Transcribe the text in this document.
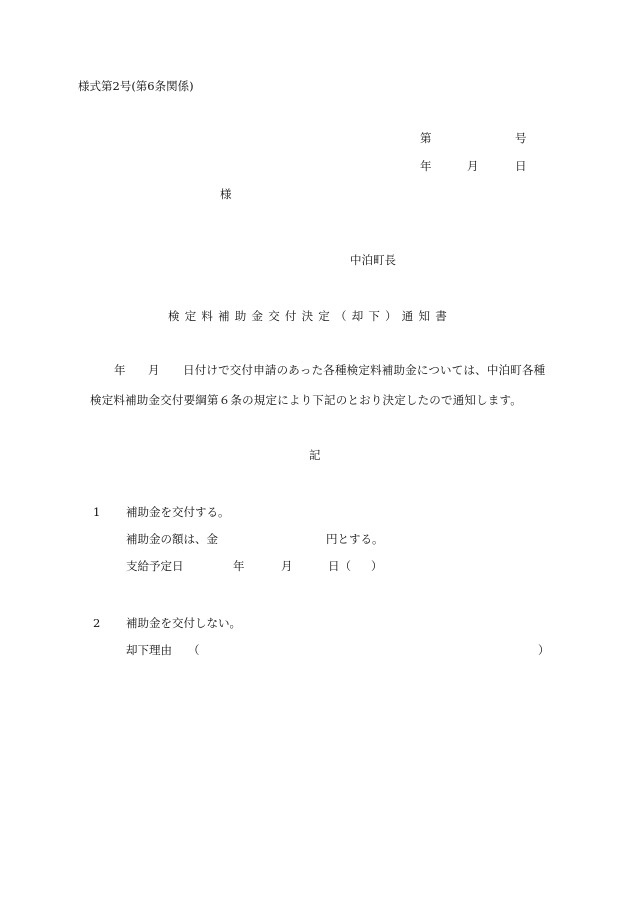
様式第2号(第6条関係)
第	号
年	月	日
様
中泊町長
検定料補助金交付決定（却下）通知書
年 月 日付けで交付申請のあった各種検定料補助金については、中泊町各種
検定料補助金交付要綱第６条の規定により下記のとおり決定したので通知します。
記
1 補助金を交付する。
補助金の額は、金	円とする。
支給予定日	年	月	日（ ）
2 補助金を交付しない。
却下理由 （	）
